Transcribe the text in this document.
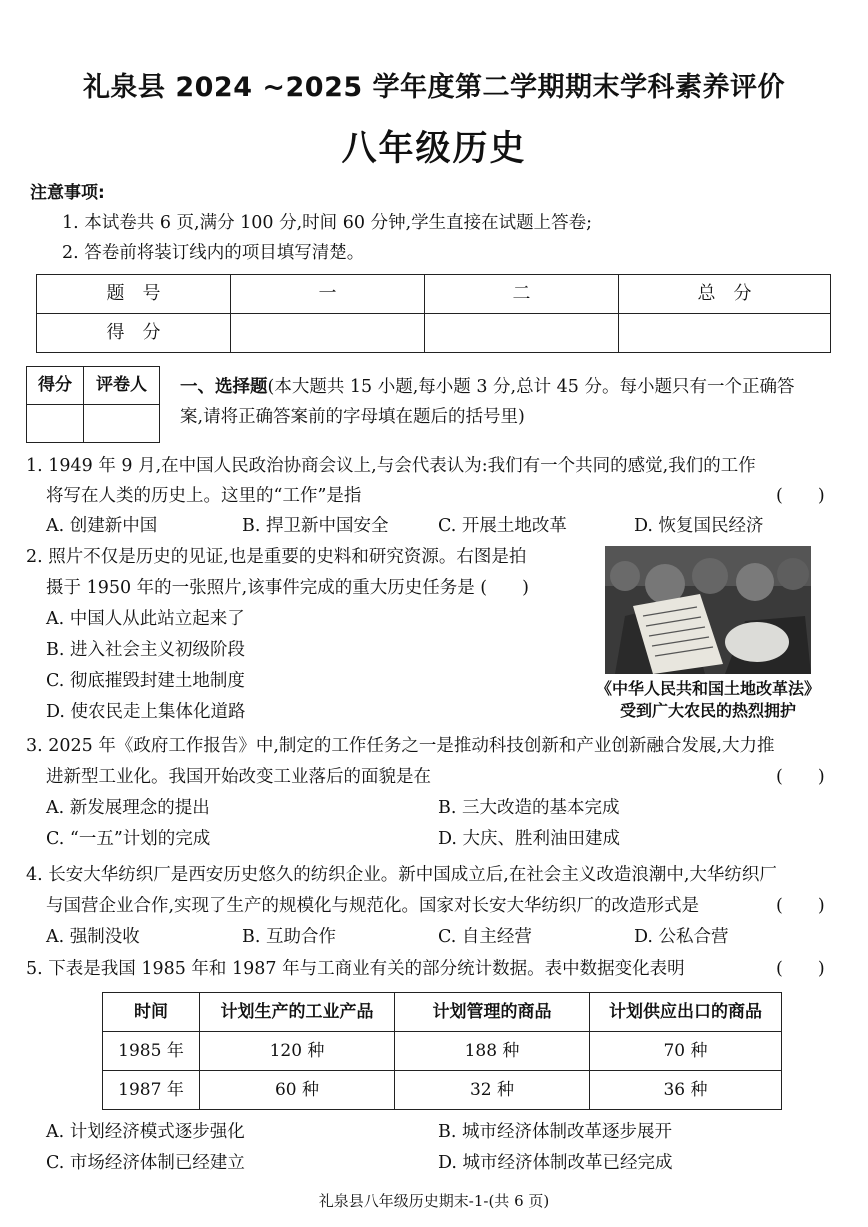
礼泉县 2024 ~2025 学年度第二学期期末学科素养评价
八年级历史
注意事项:
1. 本试卷共 6 页,满分 100 分,时间 60 分钟,学生直接在试题上答卷;
2. 答卷前将装订线内的项目填写清楚。
题　号	一	二	总　分
得　分			
得分	评卷人
	一、选择题(本大题共 15 小题,每小题 3 分,总计 45 分。每小题只有一个正确答
案,请将正确答案前的字母填在题后的括号里)
1. 1949 年 9 月,在中国人民政治协商会议上,与会代表认为:我们有一个共同的感觉,我们的工作
将写在人类的历史上。这里的“工作”是指	(　　)
A. 创建新中国	B. 捍卫新中国安全	C. 开展土地改革	D. 恢复国民经济
2. 照片不仅是历史的见证,也是重要的史料和研究资源。右图是拍
摄于 1950 年的一张照片,该事件完成的重大历史任务是 (　　)
A. 中国人从此站立起来了
B. 进入社会主义初级阶段
C. 彻底摧毁封建土地制度
D. 使农民走上集体化道路
《中华人民共和国土地改革法》
受到广大农民的热烈拥护
3. 2025 年《政府工作报告》中,制定的工作任务之一是推动科技创新和产业创新融合发展,大力推
进新型工业化。我国开始改变工业落后的面貌是在	(　　)
A. 新发展理念的提出	B. 三大改造的基本完成
C. “一五”计划的完成	D. 大庆、胜利油田建成
4. 长安大华纺织厂是西安历史悠久的纺织企业。新中国成立后,在社会主义改造浪潮中,大华纺织厂
与国营企业合作,实现了生产的规模化与规范化。国家对长安大华纺织厂的改造形式是	(　　)
A. 强制没收	B. 互助合作	C. 自主经营	D. 公私合营
5. 下表是我国 1985 年和 1987 年与工商业有关的部分统计数据。表中数据变化表明	(　　)
时间	计划生产的工业产品	计划管理的商品	计划供应出口的商品
1985 年	120 种	188 种	70 种
1987 年	60 种	32 种	36 种
A. 计划经济模式逐步强化	B. 城市经济体制改革逐步展开
C. 市场经济体制已经建立	D. 城市经济体制改革已经完成
礼泉县八年级历史期末-1-(共 6 页)
